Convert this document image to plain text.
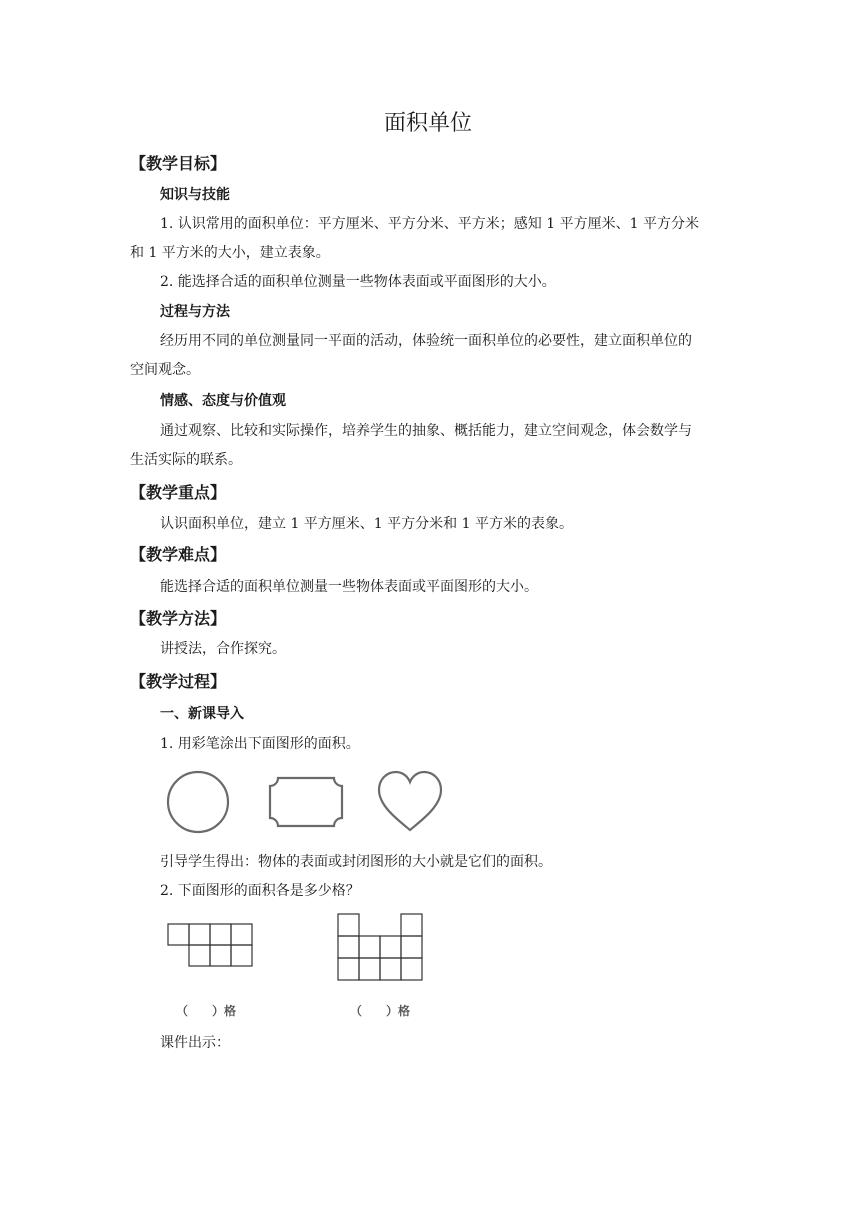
面积单位
【教学目标】
知识与技能
1. 认识常用的面积单位：平方厘米、平方分米、平方米；感知 1 平方厘米、1 平方分米
和 1 平方米的大小，建立表象。
2. 能选择合适的面积单位测量一些物体表面或平面图形的大小。
过程与方法
经历用不同的单位测量同一平面的活动，体验统一面积单位的必要性，建立面积单位的
空间观念。
情感、态度与价值观
通过观察、比较和实际操作，培养学生的抽象、概括能力，建立空间观念，体会数学与
生活实际的联系。
【教学重点】
认识面积单位，建立 1 平方厘米、1 平方分米和 1 平方米的表象。
【教学难点】
能选择合适的面积单位测量一些物体表面或平面图形的大小。
【教学方法】
讲授法，合作探究。
【教学过程】
一、新课导入
1. 用彩笔涂出下面图形的面积。
引导学生得出：物体的表面或封闭图形的大小就是它们的面积。
2. 下面图形的面积各是多少格？
（　　）格	（　　）格
课件出示：
